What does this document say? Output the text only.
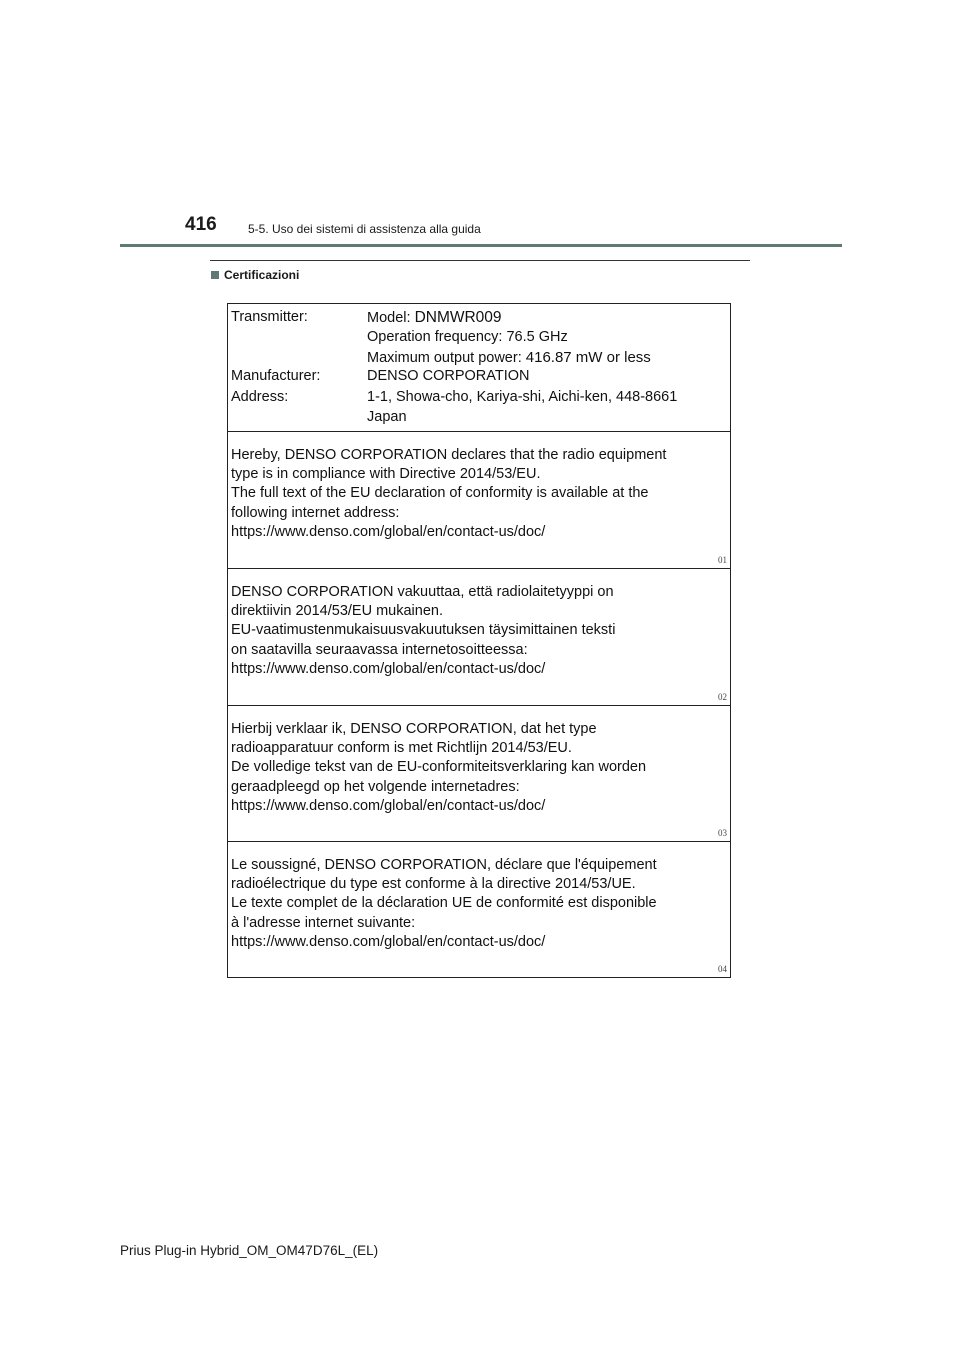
416	5-5. Uso dei sistemi di assistenza alla guida
Certificazioni
Transmitter:	Model: DNMWR009
Operation frequency: 76.5 GHz
Maximum output power: 416.87 mW or less
Manufacturer:	DENSO CORPORATION
Address:	1-1, Showa-cho, Kariya-shi, Aichi-ken, 448-8661
Japan
Hereby, DENSO CORPORATION declares that the radio equipment
type is in compliance with Directive 2014/53/EU.
The full text of the EU declaration of conformity is available at the
following internet address:
https://www.denso.com/global/en/contact-us/doc/
01
DENSO CORPORATION vakuuttaa, että radiolaitetyyppi on
direktiivin 2014/53/EU mukainen.
EU-vaatimustenmukaisuusvakuutuksen täysimittainen teksti
on saatavilla seuraavassa internetosoitteessa:
https://www.denso.com/global/en/contact-us/doc/
02
Hierbij verklaar ik, DENSO CORPORATION, dat het type
radioapparatuur conform is met Richtlijn 2014/53/EU.
De volledige tekst van de EU-conformiteitsverklaring kan worden
geraadpleegd op het volgende internetadres:
https://www.denso.com/global/en/contact-us/doc/
03
Le soussigné, DENSO CORPORATION, déclare que l'équipement
radioélectrique du type est conforme à la directive 2014/53/UE.
Le texte complet de la déclaration UE de conformité est disponible
à l'adresse internet suivante:
https://www.denso.com/global/en/contact-us/doc/
04
Prius Plug-in Hybrid_OM_OM47D76L_(EL)
